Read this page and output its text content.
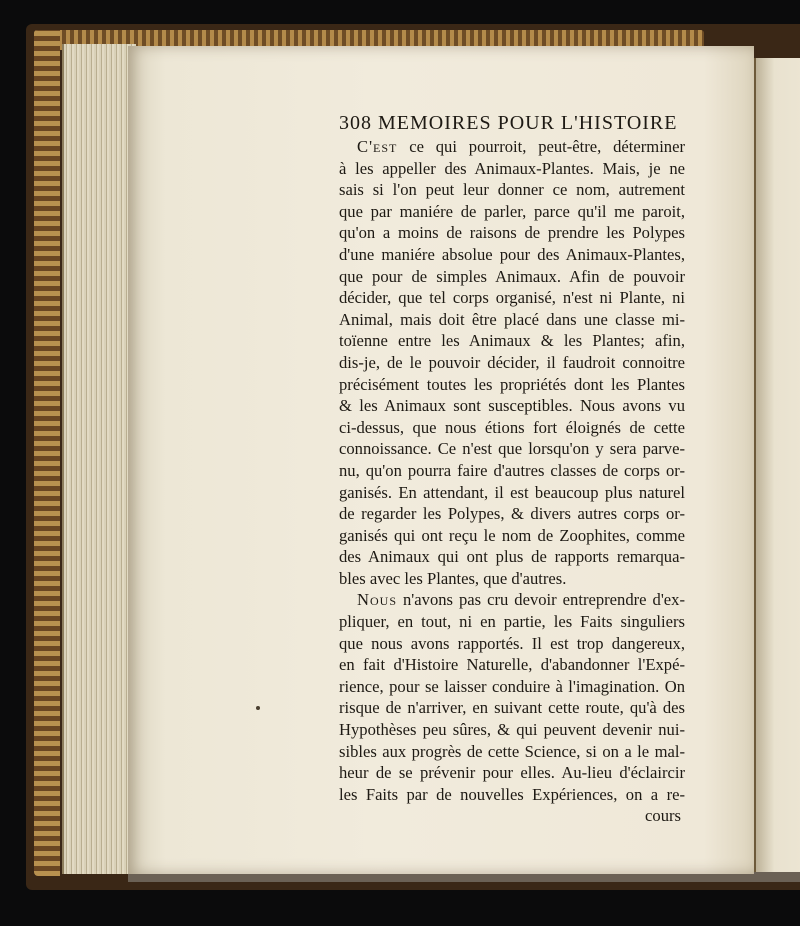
308 MEMOIRES POUR L'HISTOIRE
C'est ce qui pourroit, peut-être, déterminer
à les appeller des Animaux-Plantes. Mais, je ne
sais si l'on peut leur donner ce nom, autrement
que par maniére de parler, parce qu'il me paroit,
qu'on a moins de raisons de prendre les Polypes
d'une maniére absolue pour des Animaux-Plantes,
que pour de simples Animaux. Afin de pouvoir
décider, que tel corps organisé, n'est ni Plante, ni
Animal, mais doit être placé dans une classe mi-
toïenne entre les Animaux & les Plantes; afin,
dis-je, de le pouvoir décider, il faudroit connoitre
précisément toutes les propriétés dont les Plantes
& les Animaux sont susceptibles. Nous avons vu
ci-dessus, que nous étions fort éloignés de cette
connoissance. Ce n'est que lorsqu'on y sera parve-
nu, qu'on pourra faire d'autres classes de corps or-
ganisés. En attendant, il est beaucoup plus naturel
de regarder les Polypes, & divers autres corps or-
ganisés qui ont reçu le nom de Zoophites, comme
des Animaux qui ont plus de rapports remarqua-
bles avec les Plantes, que d'autres.
Nous n'avons pas cru devoir entreprendre d'ex-
pliquer, en tout, ni en partie, les Faits singuliers
que nous avons rapportés. Il est trop dangereux,
en fait d'Histoire Naturelle, d'abandonner l'Expé-
rience, pour se laisser conduire à l'imagination. On
risque de n'arriver, en suivant cette route, qu'à des
Hypothèses peu sûres, & qui peuvent devenir nui-
sibles aux progrès de cette Science, si on a le mal-
heur de se prévenir pour elles. Au-lieu d'éclaircir
les Faits par de nouvelles Expériences, on a re-
cours
